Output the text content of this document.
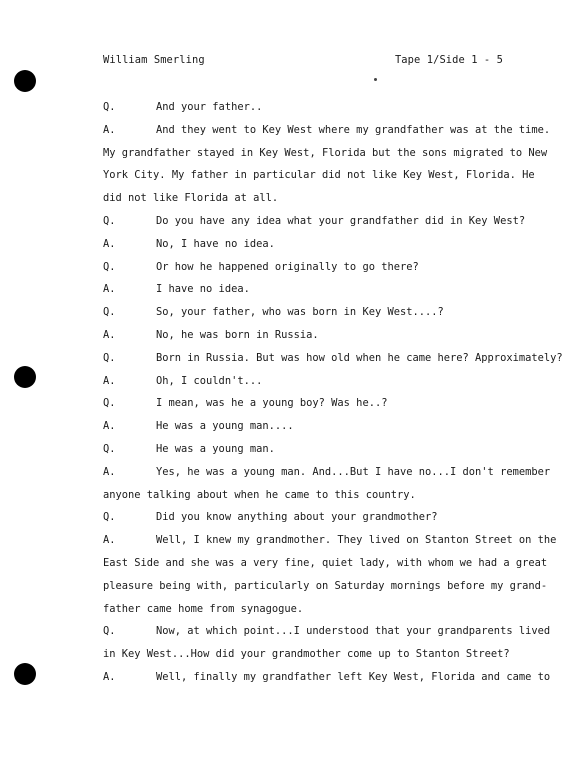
William Smerling	Tape 1/Side 1 - 5
Q.	And your father..
A.	And they went to Key West where my grandfather was at the time.
My grandfather stayed in Key West, Florida but the sons migrated to New
York City. My father in particular did not like Key West, Florida. He
did not like Florida at all.
Q.	Do you have any idea what your grandfather did in Key West?
A.	No, I have no idea.
Q.	Or how he happened originally to go there?
A.	I have no idea.
Q.	So, your father, who was born in Key West....?
A.	No, he was born in Russia.
Q.	Born in Russia. But was how old when he came here? Approximately?
A.	Oh, I couldn't...
Q.	I mean, was he a young boy? Was he..?
A.	He was a young man....
Q.	He was a young man.
A.	Yes, he was a young man. And...But I have no...I don't remember
anyone talking about when he came to this country.
Q.	Did you know anything about your grandmother?
A.	Well, I knew my grandmother. They lived on Stanton Street on the
East Side and she was a very fine, quiet lady, with whom we had a great
pleasure being with, particularly on Saturday mornings before my grand-
father came home from synagogue.
Q.	Now, at which point...I understood that your grandparents lived
in Key West...How did your grandmother come up to Stanton Street?
A.	Well, finally my grandfather left Key West, Florida and came to
